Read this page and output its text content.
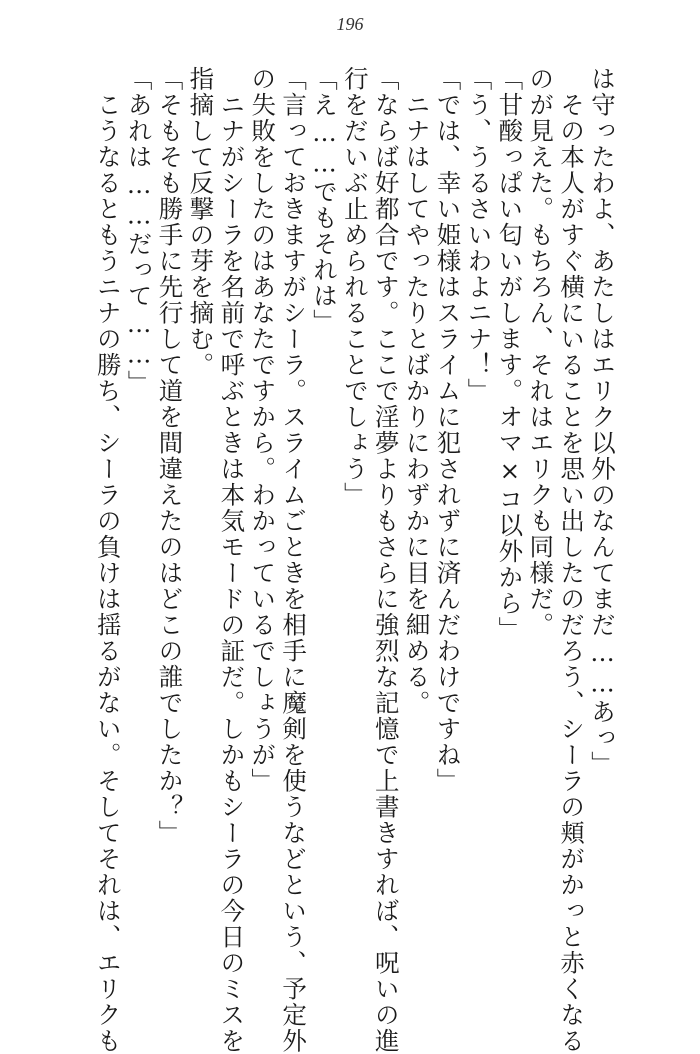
196
は守ったわよ、あたしはエリク以外のなんてまだ……あっ」
　その本人がすぐ横にいることを思い出したのだろう、シーラの頬がかっと赤くなる
のが見えた。もちろん、それはエリクも同様だ。
「甘酸っぱい匂いがします。オマ×コ以外から」
「う、うるさいわよニナ！」
「では、幸い姫様はスライムに犯されずに済んだわけですね」
　ニナはしてやったりとばかりにわずかに目を細める。
「ならば好都合です。ここで淫夢よりもさらに強烈な記憶で上書きすれば、呪いの進
行をだいぶ止められることでしょう」
「え……でもそれは」
「言っておきますがシーラ。スライムごときを相手に魔剣を使うなどという、予定外
の失敗をしたのはあなたですから。わかっているでしょうが」
　ニナがシーラを名前で呼ぶときは本気モードの証だ。しかもシーラの今日のミスを
指摘して反撃の芽を摘む。
「そもそも勝手に先行して道を間違えたのはどこの誰でしたか？」
「あれは……だって……」
　こうなるともうニナの勝ち、シーラの負けは揺るがない。そしてそれは、エリクも
